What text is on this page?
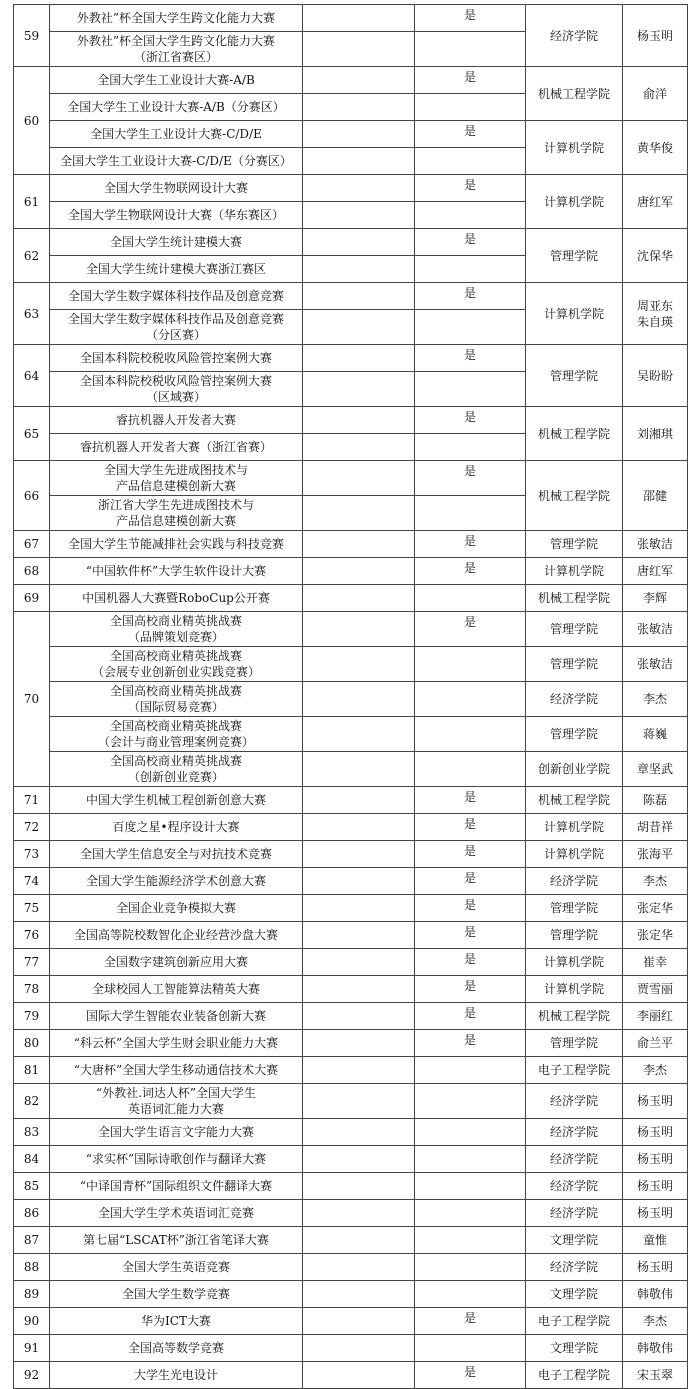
59	外教社”杯全国大学生跨文化能力大赛		是	经济学院	杨玉明
	外教社”杯全国大学生跨文化能力大赛
（浙江省赛区）				
60	全国大学生工业设计大赛-A/B		是	机械工程学院	俞洋
	全国大学生工业设计大赛-A/B（分赛区）				
	全国大学生工业设计大赛-C/D/E		是	计算机学院	黄华俊
	全国大学生工业设计大赛-C/D/E（分赛区）				
61	全国大学生物联网设计大赛		是	计算机学院	唐红军
	全国大学生物联网设计大赛（华东赛区）				
62	全国大学生统计建模大赛		是	管理学院	沈保华
	全国大学生统计建模大赛浙江赛区				
63	全国大学生数字媒体科技作品及创意竞赛		是	计算机学院	周亚东
朱自瑛
	全国大学生数字媒体科技作品及创意竞赛
（分区赛）				
64	全国本科院校税收风险管控案例大赛		是	管理学院	吴盼盼
	全国本科院校税收风险管控案例大赛
（区域赛）				
65	睿抗机器人开发者大赛		是	机械工程学院	刘湘琪
	睿抗机器人开发者大赛（浙江省赛）				
66	全国大学生先进成图技术与
产品信息建模创新大赛		是	机械工程学院	邵健
	浙江省大学生先进成图技术与
产品信息建模创新大赛				
67	全国大学生节能减排社会实践与科技竞赛		是	管理学院	张敏洁
68	“中国软件杯”大学生软件设计大赛		是	计算机学院	唐红军
69	中国机器人大赛暨RoboCup公开赛			机械工程学院	李辉
70	全国高校商业精英挑战赛
（品牌策划竞赛）		是	管理学院	张敏洁
	全国高校商业精英挑战赛
（会展专业创新创业实践竞赛）			管理学院	张敏洁
	全国高校商业精英挑战赛
（国际贸易竞赛）			经济学院	李杰
	全国高校商业精英挑战赛
（会计与商业管理案例竞赛）			管理学院	蒋巍
	全国高校商业精英挑战赛
（创新创业竞赛）			创新创业学院	章坚武
71	中国大学生机械工程创新创意大赛		是	机械工程学院	陈磊
72	百度之星•程序设计大赛		是	计算机学院	胡昔祥
73	全国大学生信息安全与对抗技术竞赛		是	计算机学院	张海平
74	全国大学生能源经济学术创意大赛		是	经济学院	李杰
75	全国企业竞争模拟大赛		是	管理学院	张定华
76	全国高等院校数智化企业经营沙盘大赛		是	管理学院	张定华
77	全国数字建筑创新应用大赛		是	计算机学院	崔幸
78	全球校园人工智能算法精英大赛		是	计算机学院	贾雪丽
79	国际大学生智能农业装备创新大赛		是	机械工程学院	李丽红
80	“科云杯”全国大学生财会职业能力大赛		是	管理学院	俞兰平
81	“大唐杯”全国大学生移动通信技术大赛			电子工程学院	李杰
82	“外教社.词达人杯”全国大学生
英语词汇能力大赛			经济学院	杨玉明
83	全国大学生语言文字能力大赛			经济学院	杨玉明
84	“求实杯”国际诗歌创作与翻译大赛			经济学院	杨玉明
85	“中译国青杯”国际组织文件翻译大赛			经济学院	杨玉明
86	全国大学生学术英语词汇竞赛			经济学院	杨玉明
87	第七届“LSCAT杯”浙江省笔译大赛			文理学院	童惟
88	全国大学生英语竞赛			经济学院	杨玉明
89	全国大学生数学竞赛			文理学院	韩敬伟
90	华为ICT大赛		是	电子工程学院	李杰
91	全国高等数学竞赛			文理学院	韩敬伟
92	大学生光电设计		是	电子工程学院	宋玉翠
